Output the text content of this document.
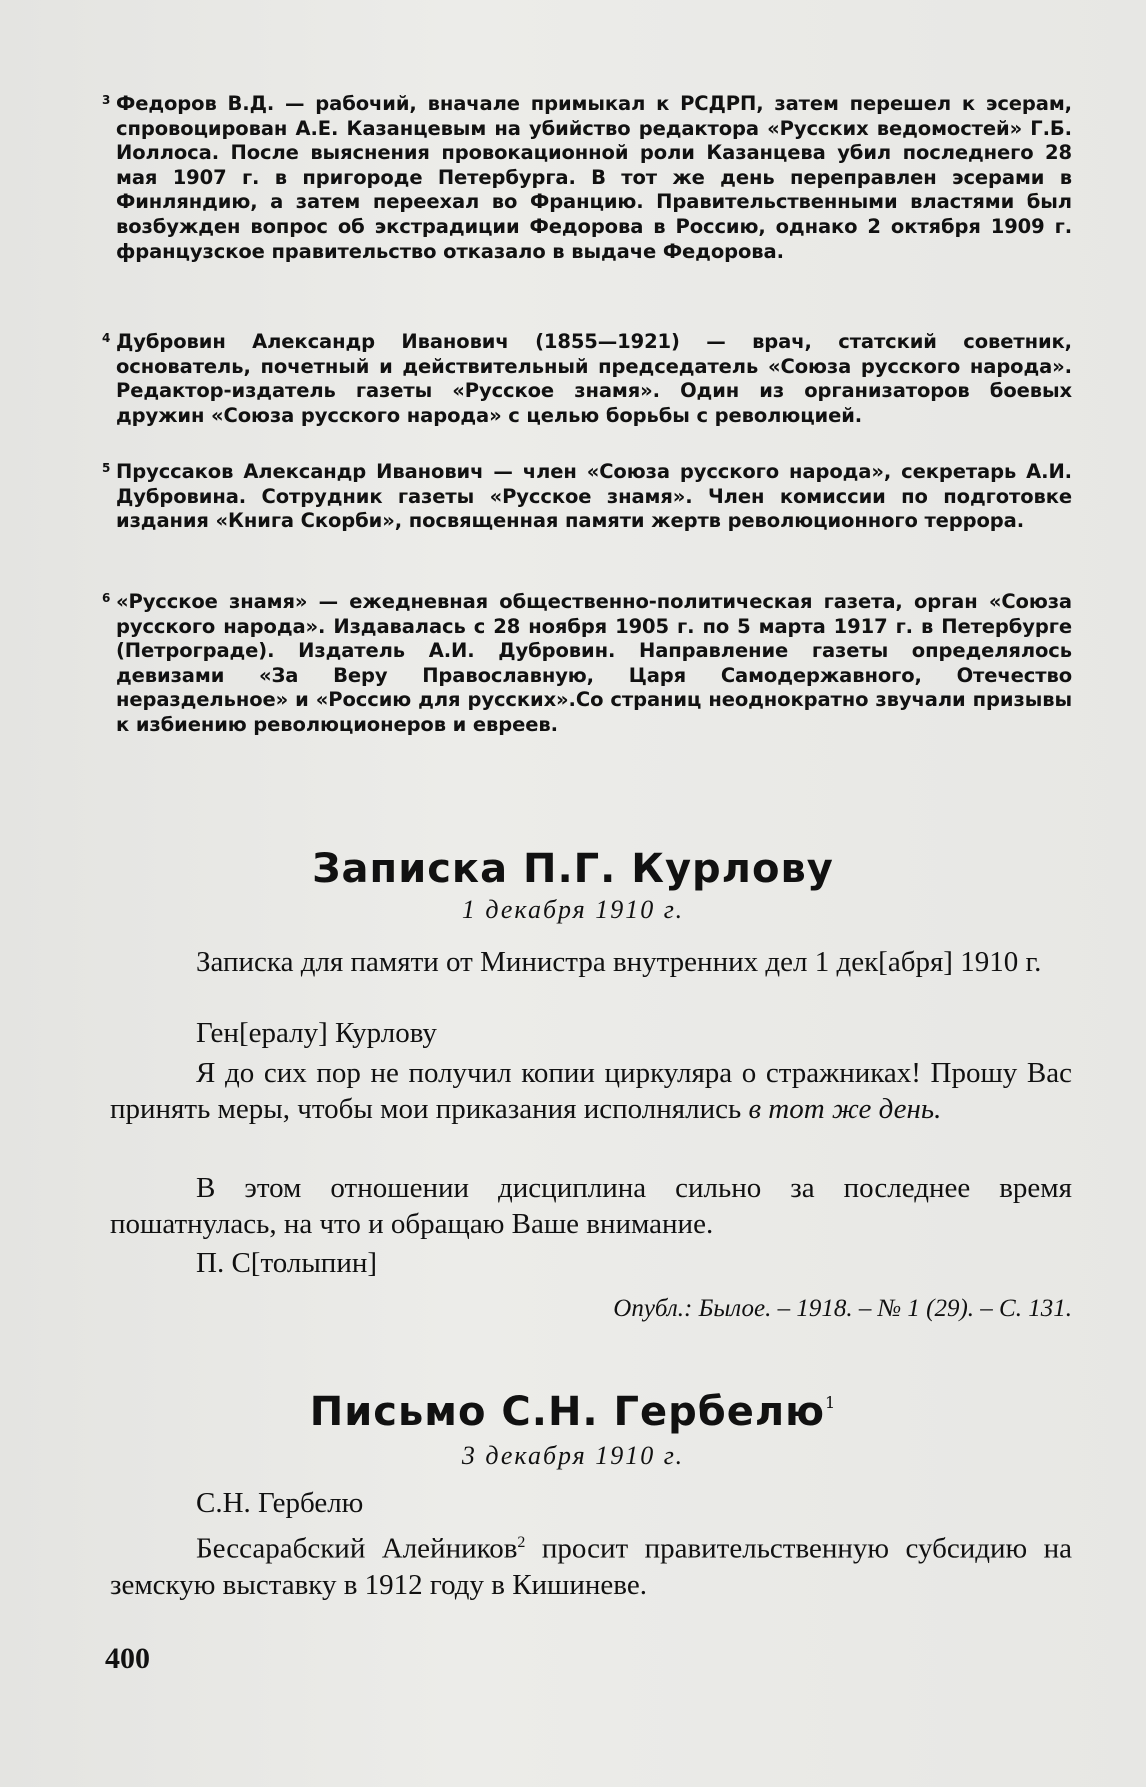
3 Федоров В.Д. — рабочий, вначале примыкал к РСДРП, затем перешел к эсерам, спровоцирован А.Е. Казанцевым на убийство редактора «Русских ведомостей» Г.Б. Иоллоса. После выяснения провокационной роли Казанцева убил последнего 28 мая 1907 г. в пригороде Петербурга. В тот же день переправлен эсерами в Финляндию, а затем переехал во Францию. Правительственными властями был возбужден вопрос об экстрадиции Федорова в Россию, однако 2 октября 1909 г. французское правительство отказало в выдаче Федорова.
4 Дубровин Александр Иванович (1855—1921) — врач, статский советник, основатель, почетный и действительный председатель «Союза русского народа». Редактор-издатель газеты «Русское знамя». Один из организаторов боевых дружин «Союза русского народа» с целью борьбы с революцией.
5 Пруссаков Александр Иванович — член «Союза русского народа», секретарь А.И. Дубровина. Сотрудник газеты «Русское знамя». Член комиссии по подготовке издания «Книга Скорби», посвященная памяти жертв революционного террора.
6 «Русское знамя» — ежедневная общественно-политическая газета, орган «Союза русского народа». Издавалась с 28 ноября 1905 г. по 5 марта 1917 г. в Петербурге (Петрограде). Издатель А.И. Дубровин. Направление газеты определялось девизами «За Веру Православную, Царя Самодержавного, Отечество нераздельное» и «Россию для русских».Со страниц неоднократно звучали призывы к избиению революционеров и евреев.
Записка П.Г. Курлову
1 декабря 1910 г.
Записка для памяти от Министра внутренних дел 1 дек[абря] 1910 г.
Ген[ералу] Курлову
Я до сих пор не получил копии циркуляра о стражниках! Прошу Вас принять меры, чтобы мои приказания исполнялись в тот же день.
В этом отношении дисциплина сильно за последнее время пошатнулась, на что и обращаю Ваше внимание.
П. С[толыпин]
Опубл.: Былое. – 1918. – № 1 (29). – С. 131.
Письмо С.Н. Гербелю$^1$
3 декабря 1910 г.
С.Н. Гербелю
Бессарабский Алейников$^2$ просит правительственную субсидию на земскую выставку в 1912 году в Кишиневе.
400
